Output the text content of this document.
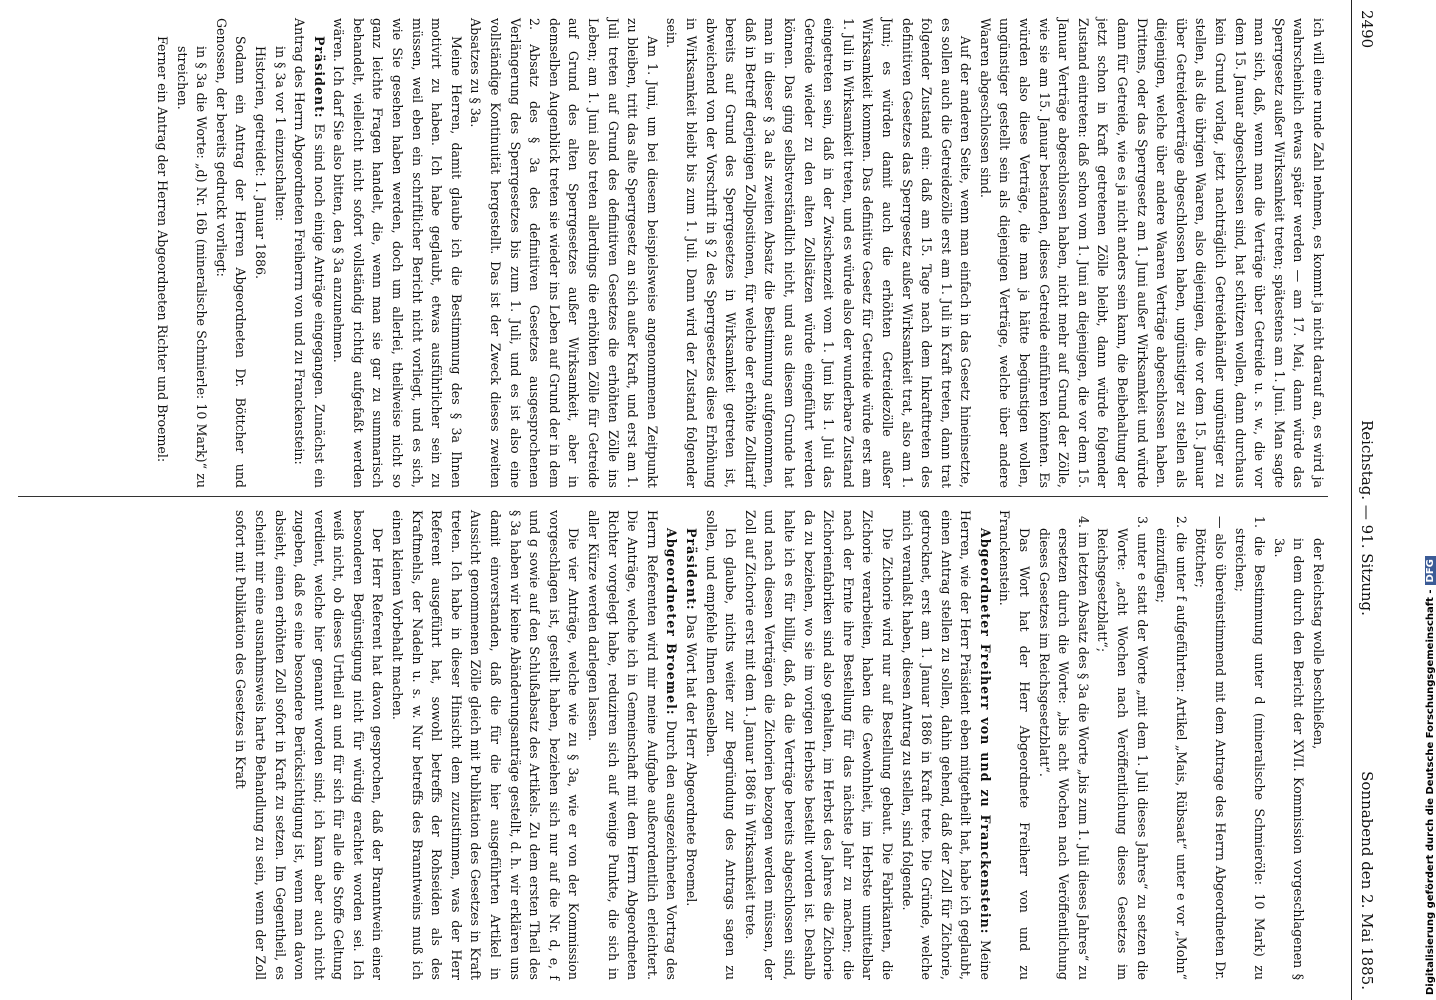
2490
Reichstag. — 91. Sitzung.
Sonnabend den 2. Mai 1885.

ich will eine runde Zahl nehmen, es kommt ja nicht darauf an, es wird ja wahrscheinlich etwas später werden — am 17. Mai, dann würde das Sperrgesetz außer Wirksamkeit treten; spätestens am 1. Juni. Man sagte man sich, daß, wenn man die Verträge über Getreide u. s. w., die vor dem 15. Januar abgeschlossen sind, hat schützen wollen, dann durchaus kein Grund vorlag, jetzt nachträglich Getreidehändler ungünstiger zu stellen, als die übrigen Waaren, also diejenigen, die vor dem 15. Januar über Getreideverträge abgeschlossen haben, ungünstiger zu stellen als diejenigen, welche über andere Waaren Verträge abgeschlossen haben. Drittens, oder das Sperrgesetz am 1. Juni außer Wirksamkeit und würde dann für Getreide, wie es ja nicht anders sein kann, die Beibehaltung der jetzt schon in Kraft getretenen Zölle bleibt, dann würde folgender Zustand eintreten: daß schon vom 1. Juni an diejenigen, die vor dem 15. Januar Verträge abgeschlossen haben, nicht mehr auf Grund der Zölle, wie sie am 15. Januar bestanden, dieses Getreide einführen könnten. Es würden also diese Verträge, die man ja hätte begünstigen wollen, ungünstiger gestellt sein als diejenigen Verträge, welche über andere Waaren abgeschlossen sind.

Auf der anderen Seite, wenn man einfach in das Gesetz hineinsetzte, es sollen auch die Getreidezölle erst am 1. Juli in Kraft treten, dann trat folgender Zustand ein: daß am 15. Tage nach dem Inkrafttreten des definitiven Gesetzes das Sperrgesetz außer Wirksamkeit trat, also am 1. Juni; es würden damit auch die erhöhten Getreidezölle außer Wirksamkeit kommen. Das definitive Gesetz für Getreide würde erst am 1. Juli in Wirksamkeit treten, und es würde also der wunderbare Zustand eingetreten sein, daß in der Zwischenzeit vom 1. Juni bis 1. Juli das Getreide wieder zu den alten Zollsätzen würde eingeführt werden können. Das ging selbstverständlich nicht, und aus diesem Grunde hat man in dieser § 3a als zweiten Absatz die Bestimmung aufgenommen, daß in Betreff derjenigen Zollpositionen, für welche der erhöhte Zolltarif bereits auf Grund des Sperrgesetzes in Wirksamkeit getreten ist, abweichend von der Vorschrift in § 2 des Sperrgesetzes diese Erhöhung in Wirksamkeit bleibt bis zum 1. Juli. Dann wird der Zustand folgender sein.

Am 1. Juni, um bei diesem beispielsweise angenommenen Zeitpunkt zu bleiben, tritt das alte Sperrgesetz an sich außer Kraft, und erst am 1. Juli treten auf Grund des definitiven Gesetzes die erhöhten Zölle ins Leben; am 1. Juni also treten allerdings die erhöhten Zölle für Getreide auf Grund des alten Sperrgesetzes außer Wirksamkeit, aber in demselben Augenblick treten sie wieder ins Leben auf Grund der in dem 2. Absatz des § 3a des definitiven Gesetzes ausgesprochenen Verlängerung des Sperrgesetzes bis zum 1. Juli, und es ist also eine vollständige Kontinuität hergestellt. Das ist der Zweck dieses zweiten Absatzes zu § 3a.

Meine Herren, damit glaube ich die Bestimmung des § 3a Ihnen motivirt zu haben. Ich habe geglaubt, etwas ausführlicher sein zu müssen, weil eben ein schriftlicher Bericht nicht vorliegt, und es sich, wie Sie gesehen haben werden, doch um allerlei, theilweise nicht so ganz leichte Fragen handelt, die, wenn man sie gar zu summarisch behandelt, vielleicht nicht sofort vollständig richtig aufgefaßt werden wären. Ich darf Sie also bitten, den § 3a anzunehmen.

Präsident: Es sind noch einige Anträge eingegangen. Zunächst ein Antrag des Herrn Abgeordneten Freiherrn von und zu Franckenstein:

in § 3a vor 1 einzuschalten:

Historien, getreidet: 1. Januar 1886.

Sodann ein Antrag der Herren Abgeordneten Dr. Böttcher und Genossen, der bereits gedruckt vorliegt:

in § 3a die Worte: „d) Nr. 16b (mineralische Schmierle: 10 Mark)“ zu streichen.

Ferner ein Antrag der Herren Abgeordneten Richter und Broemel:

der Reichstag wolle beschließen,

in dem durch den Bericht der XVII. Kommission vorgeschlagenen § 3a.

1. die Bestimmung unter d (mineralische Schmieröle: 10 Mark) zu streichen;

— also übereinstimmend mit dem Antrage des Herrn Abgeordneten Dr. Böttcher;

2. die unter f aufgeführten: Artikel „Mais, Rübsaat“ unter e vor „Mohn“ einzufügen;

3. unter e statt der Worte „mit dem 1. Juli dieses Jahres“ zu setzen die Worte: „acht Wochen nach Veröffentlichung dieses Gesetzes im Reichsgesetzblatt“;

4. im letzten Absatz des § 3a die Worte „bis zum 1. Juli dieses Jahres“ zu ersetzen durch die Worte: „bis acht Wochen nach Veröffentlichung dieses Gesetzes im Reichsgesetzblatt“.

Das Wort hat der Herr Abgeordnete Freiherr von und zu Franckenstein.

Abgeordneter Freiherr von und zu Franckenstein: Meine Herren, wie der Herr Präsident eben mitgetheilt hat, habe ich geglaubt, einen Antrag stellen zu sollen, dahin gehend, daß der Zoll für Zichorie, getrocknet, erst am 1. Januar 1886 in Kraft trete. Die Gründe, welche mich veranlaßt haben, diesen Antrag zu stellen, sind folgende.

Die Zichorie wird nur auf Bestellung gebaut. Die Fabrikanten, die Zichorie verarbeiten, haben die Gewohnheit, im Herbste unmittelbar nach der Ernte ihre Bestellung für das nächste Jahr zu machen; die Zichorienfabriken sind also gehalten, im Herbst des Jahres die Zichorie da zu beziehen, wo sie im vorigen Herbste bestellt worden ist. Deshalb halte ich es für billig, daß, da die Verträge bereits abgeschlossen sind, und nach diesen Verträgen die Zichorien bezogen werden müssen, der Zoll auf Zichorie erst mit dem 1. Januar 1886 in Wirksamkeit trete.

Ich glaube, nichts weiter zur Begründung des Antrags sagen zu sollen, und empfehle Ihnen denselben.

Präsident: Das Wort hat der Herr Abgeordnete Broemel.

Abgeordneter Broemel: Durch den ausgezeichneten Vortrag des Herrn Referenten wird mir meine Aufgabe außerordentlich erleichtert. Die Anträge, welche ich in Gemeinschaft mit dem Herrn Abgeordneten Richter vorgelegt habe, reduziren sich auf wenige Punkte, die sich in aller Kürze werden darlegen lassen.

Die vier Anträge, welche wie zu § 3a, wie er von der Kommission vorgeschlagen ist, gestellt haben, beziehen sich nur auf die Nr. d, e, f und g sowie auf den Schlußabsatz des Artikels. Zu dem ersten Theil des § 3a haben wir keine Abänderungsanträge gestellt, d. h. wir erklären uns damit einverstanden, daß die für die hier ausgeführten Artikel in Aussicht genommenen Zölle gleich mit Publikation des Gesetzes in Kraft treten. Ich habe in dieser Hinsicht dem zuzustimmen, was der Herr Referent ausgeführt hat, sowohl betreffs der Rohseiden als des Kraftmehls, der Nadeln u. s. w. Nur betreffs des Branntweins muß ich einen kleinen Vorbehalt machen.

Der Herr Referent hat davon gesprochen, daß der Branntwein einer besonderen Begünstigung nicht für würdig erachtet worden sei. Ich weiß nicht, ob dieses Urtheil an und für sich für alle die Stoffe Geltung verdient, welche hier genannt worden sind; ich kann aber auch nicht zugeben, daß es eine besondere Berücksichtigung ist, wenn man davon absieht, einen erhöhten Zoll sofort in Kraft zu setzen. Im Gegentheil, es scheint mir eine ausnahmsweis harte Behandlung zu sein, wenn der Zoll sofort mit Publikation des Gesetzes in Kraft	Digitalisierung gefördert durch die Deutsche Forschungsgemeinschaft -DFG
